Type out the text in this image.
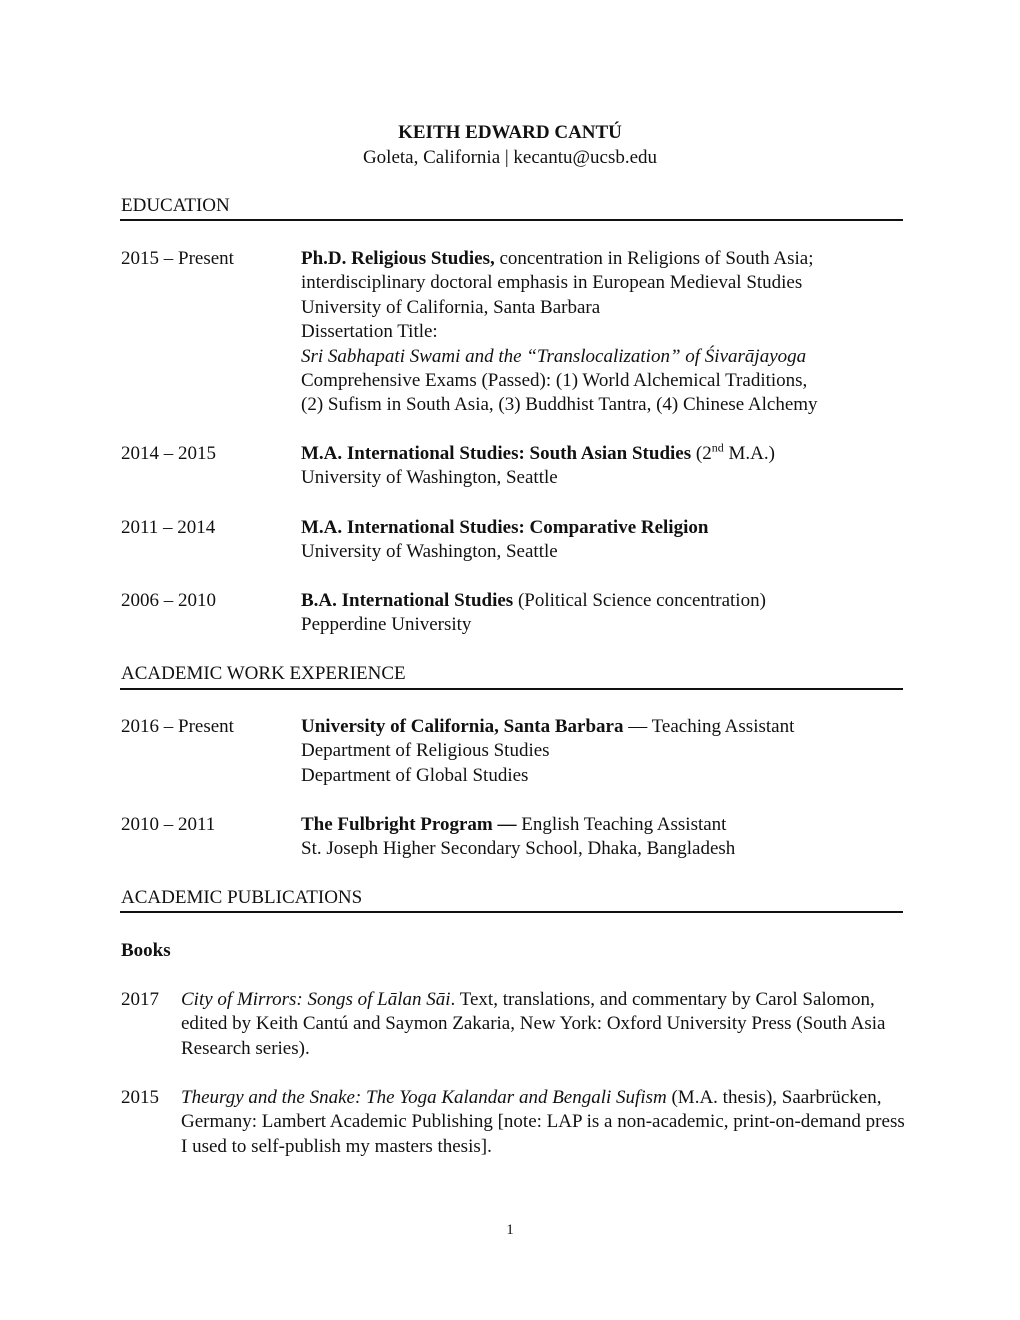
KEITH EDWARD CANTÚ
Goleta, California | kecantu@ucsb.edu
EDUCATION
2015 – Present	Ph.D. Religious Studies, concentration in Religions of South Asia;
interdisciplinary doctoral emphasis in European Medieval Studies
University of California, Santa Barbara
Dissertation Title:
Sri Sabhapati Swami and the “Translocalization” of Śivarājayoga
Comprehensive Exams (Passed): (1) World Alchemical Traditions,
(2) Sufism in South Asia, (3) Buddhist Tantra, (4) Chinese Alchemy
2014 – 2015	M.A. International Studies: South Asian Studies (2nd M.A.)
University of Washington, Seattle
2011 – 2014	M.A. International Studies: Comparative Religion
University of Washington, Seattle
2006 – 2010	B.A. International Studies (Political Science concentration)
Pepperdine University
ACADEMIC WORK EXPERIENCE
2016 – Present	University of California, Santa Barbara — Teaching Assistant
Department of Religious Studies
Department of Global Studies
2010 – 2011	The Fulbright Program — English Teaching Assistant
St. Joseph Higher Secondary School, Dhaka, Bangladesh
ACADEMIC PUBLICATIONS
Books
2017 City of Mirrors: Songs of Lālan Sāi. Text, translations, and commentary by Carol Salomon, edited by Keith Cantú and Saymon Zakaria, New York: Oxford University Press (South Asia Research series).
2015 Theurgy and the Snake: The Yoga Kalandar and Bengali Sufism (M.A. thesis), Saarbrücken, Germany: Lambert Academic Publishing [note: LAP is a non-academic, print-on-demand press I used to self-publish my masters thesis].
1
